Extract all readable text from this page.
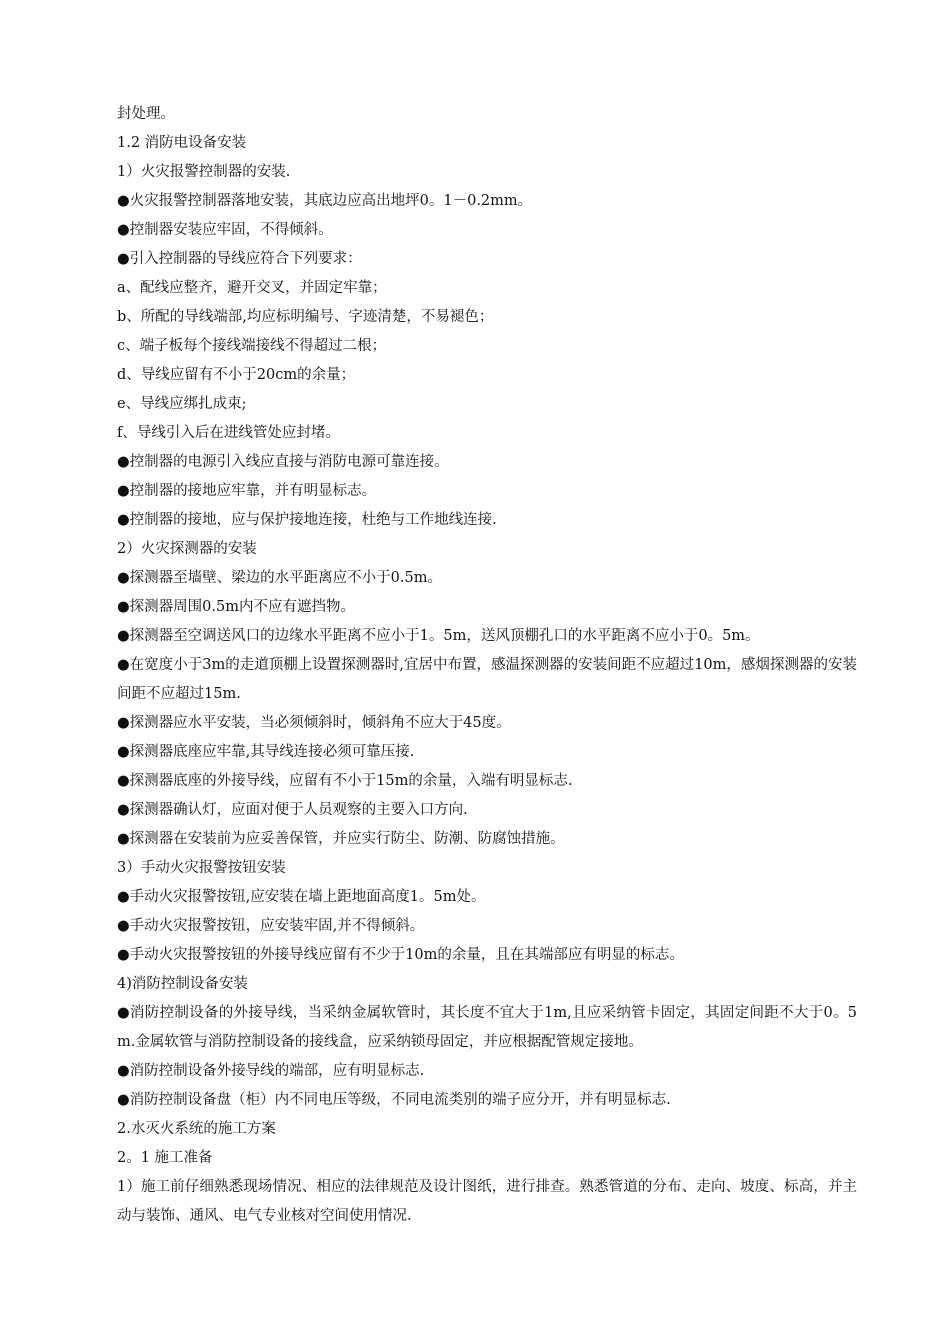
封处理。

1.2 消防电设备安装

1）火灾报警控制器的安装.

●火灾报警控制器落地安装，其底边应高出地坪0。1－0.2mm。

●控制器安装应牢固，不得倾斜。

●引入控制器的导线应符合下列要求：

a、配线应整齐，避开交叉，并固定牢靠；

b、所配的导线端部,均应标明编号、字迹清楚，不易褪色；

c、端子板每个接线端接线不得超过二根；

d、导线应留有不小于20cm的余量；

e、导线应绑扎成束;

f、导线引入后在进线管处应封堵。

●控制器的电源引入线应直接与消防电源可靠连接。

●控制器的接地应牢靠，并有明显标志。

●控制器的接地，应与保护接地连接，杜绝与工作地线连接.

2）火灾探测器的安装

●探测器至墙壁、梁边的水平距离应不小于0.5m。

●探测器周围0.5m内不应有遮挡物。

●探测器至空调送风口的边缘水平距离不应小于1。5m，送风顶棚孔口的水平距离不应小于0。5m。

●在宽度小于3m的走道顶棚上设置探测器时,宜居中布置，感温探测器的安装间距不应超过10m，感烟探测器的安装间距不应超过15m.

●探测器应水平安装，当必须倾斜时，倾斜角不应大于45度。

●探测器底座应牢靠,其导线连接必须可靠压接.

●探测器底座的外接导线，应留有不小于15m的余量，入端有明显标志.

●探测器确认灯，应面对便于人员观察的主要入口方向.

●探测器在安装前为应妥善保管，并应实行防尘、防潮、防腐蚀措施。

3）手动火灾报警按钮安装

●手动火灾报警按钮,应安装在墙上距地面高度1。5m处。

●手动火灾报警按钮，应安装牢固,并不得倾斜。

●手动火灾报警按钮的外接导线应留有不少于10m的余量，且在其端部应有明显的标志。

4)消防控制设备安装

●消防控制设备的外接导线，当采纳金属软管时，其长度不宜大于1m,且应采纳管卡固定，其固定间距不大于0。5m.金属软管与消防控制设备的接线盒，应采纳锁母固定，并应根据配管规定接地。

●消防控制设备外接导线的端部，应有明显标志.

●消防控制设备盘（柜）内不同电压等级，不同电流类别的端子应分开，并有明显标志.

2.水灭火系统的施工方案

2。1 施工准备

1）施工前仔细熟悉现场情况、相应的法律规范及设计图纸，进行排查。熟悉管道的分布、走向、坡度、标高，并主动与装饰、通风、电气专业核对空间使用情况.
